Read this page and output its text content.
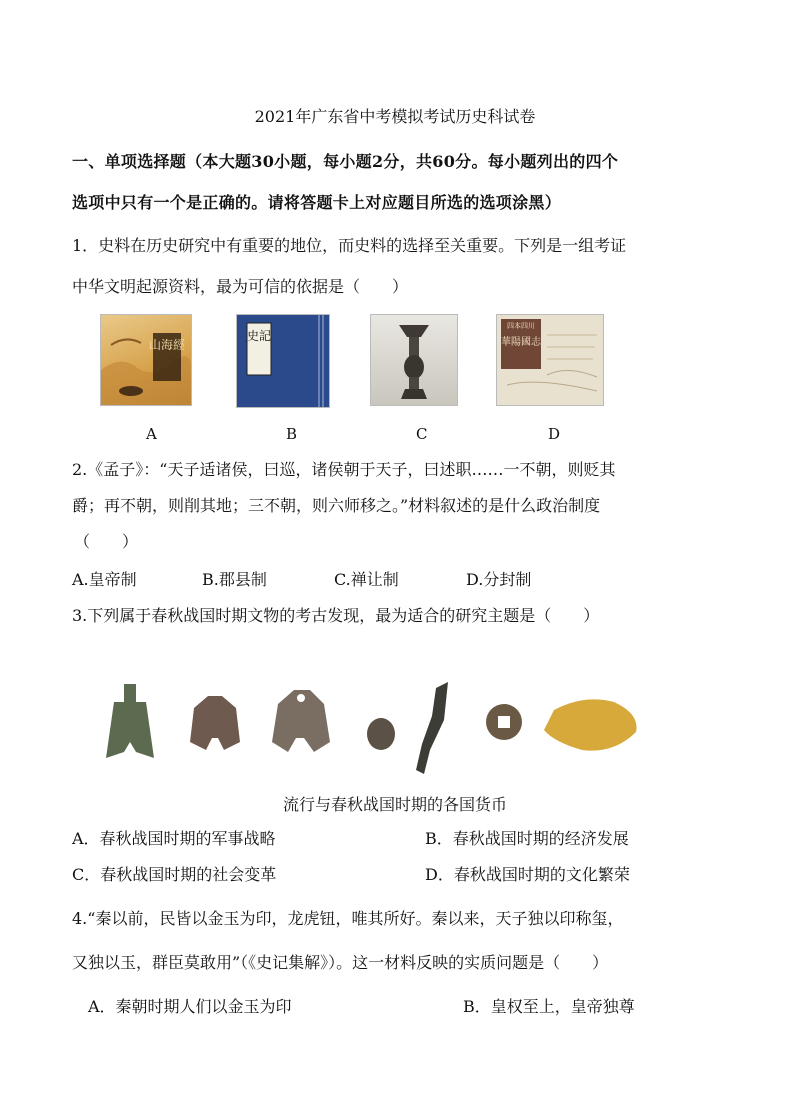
2021年广东省中考模拟考试历史科试卷
一、单项选择题（本大题30小题，每小题2分，共60分。每小题列出的四个
选项中只有一个是正确的。请将答题卡上对应题目所选的选项涂黑）
1．史料在历史研究中有重要的地位，而史料的选择至关重要。下列是一组考证
中华文明起源资料，最为可信的依据是（　　）
山海經
史記
四本四川
華陽國志
A	B	C	D
2.《孟子》：“天子适诸侯，曰巡，诸侯朝于天子，曰述职……一不朝，则贬其
爵；再不朝，则削其地；三不朝，则六师移之。”材料叙述的是什么政治制度
（　　）
A.皇帝制	B.郡县制	C.禅让制	D.分封制
3.下列属于春秋战国时期文物的考古发现，最为适合的研究主题是（　　）
流行与春秋战国时期的各国货币
A．春秋战国时期的军事战略	B．春秋战国时期的经济发展
C．春秋战国时期的社会变革	D．春秋战国时期的文化繁荣
4.“秦以前，民皆以金玉为印，龙虎钮，唯其所好。秦以来，天子独以印称玺，
又独以玉，群臣莫敢用”（《史记集解》）。这一材料反映的实质问题是（　　）
A．秦朝时期人们以金玉为印	B．皇权至上，皇帝独尊
